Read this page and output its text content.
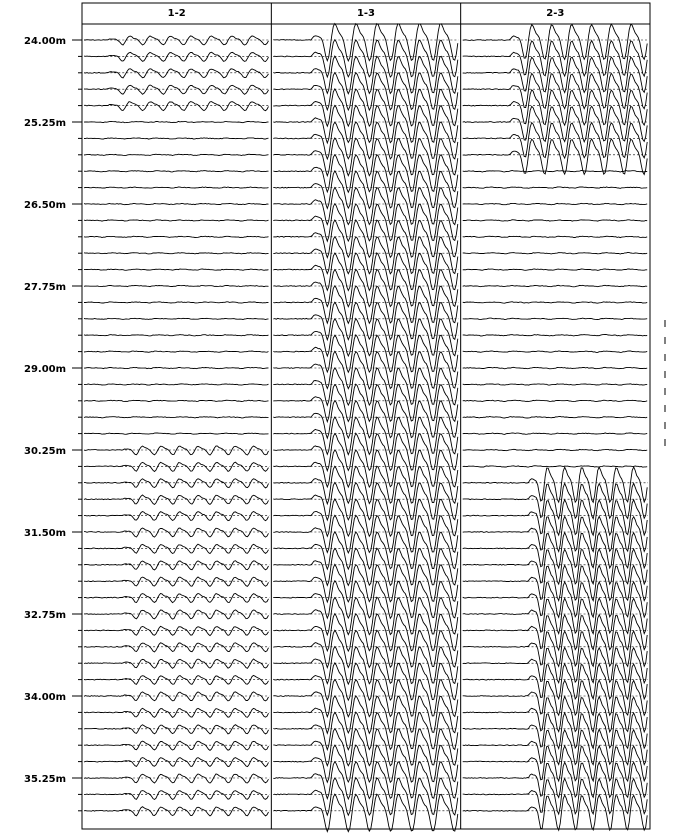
1-2	1-3	2-3
24.00m
25.25m
26.50m
27.75m
29.00m
30.25m
31.50m
32.75m
34.00m
35.25m
